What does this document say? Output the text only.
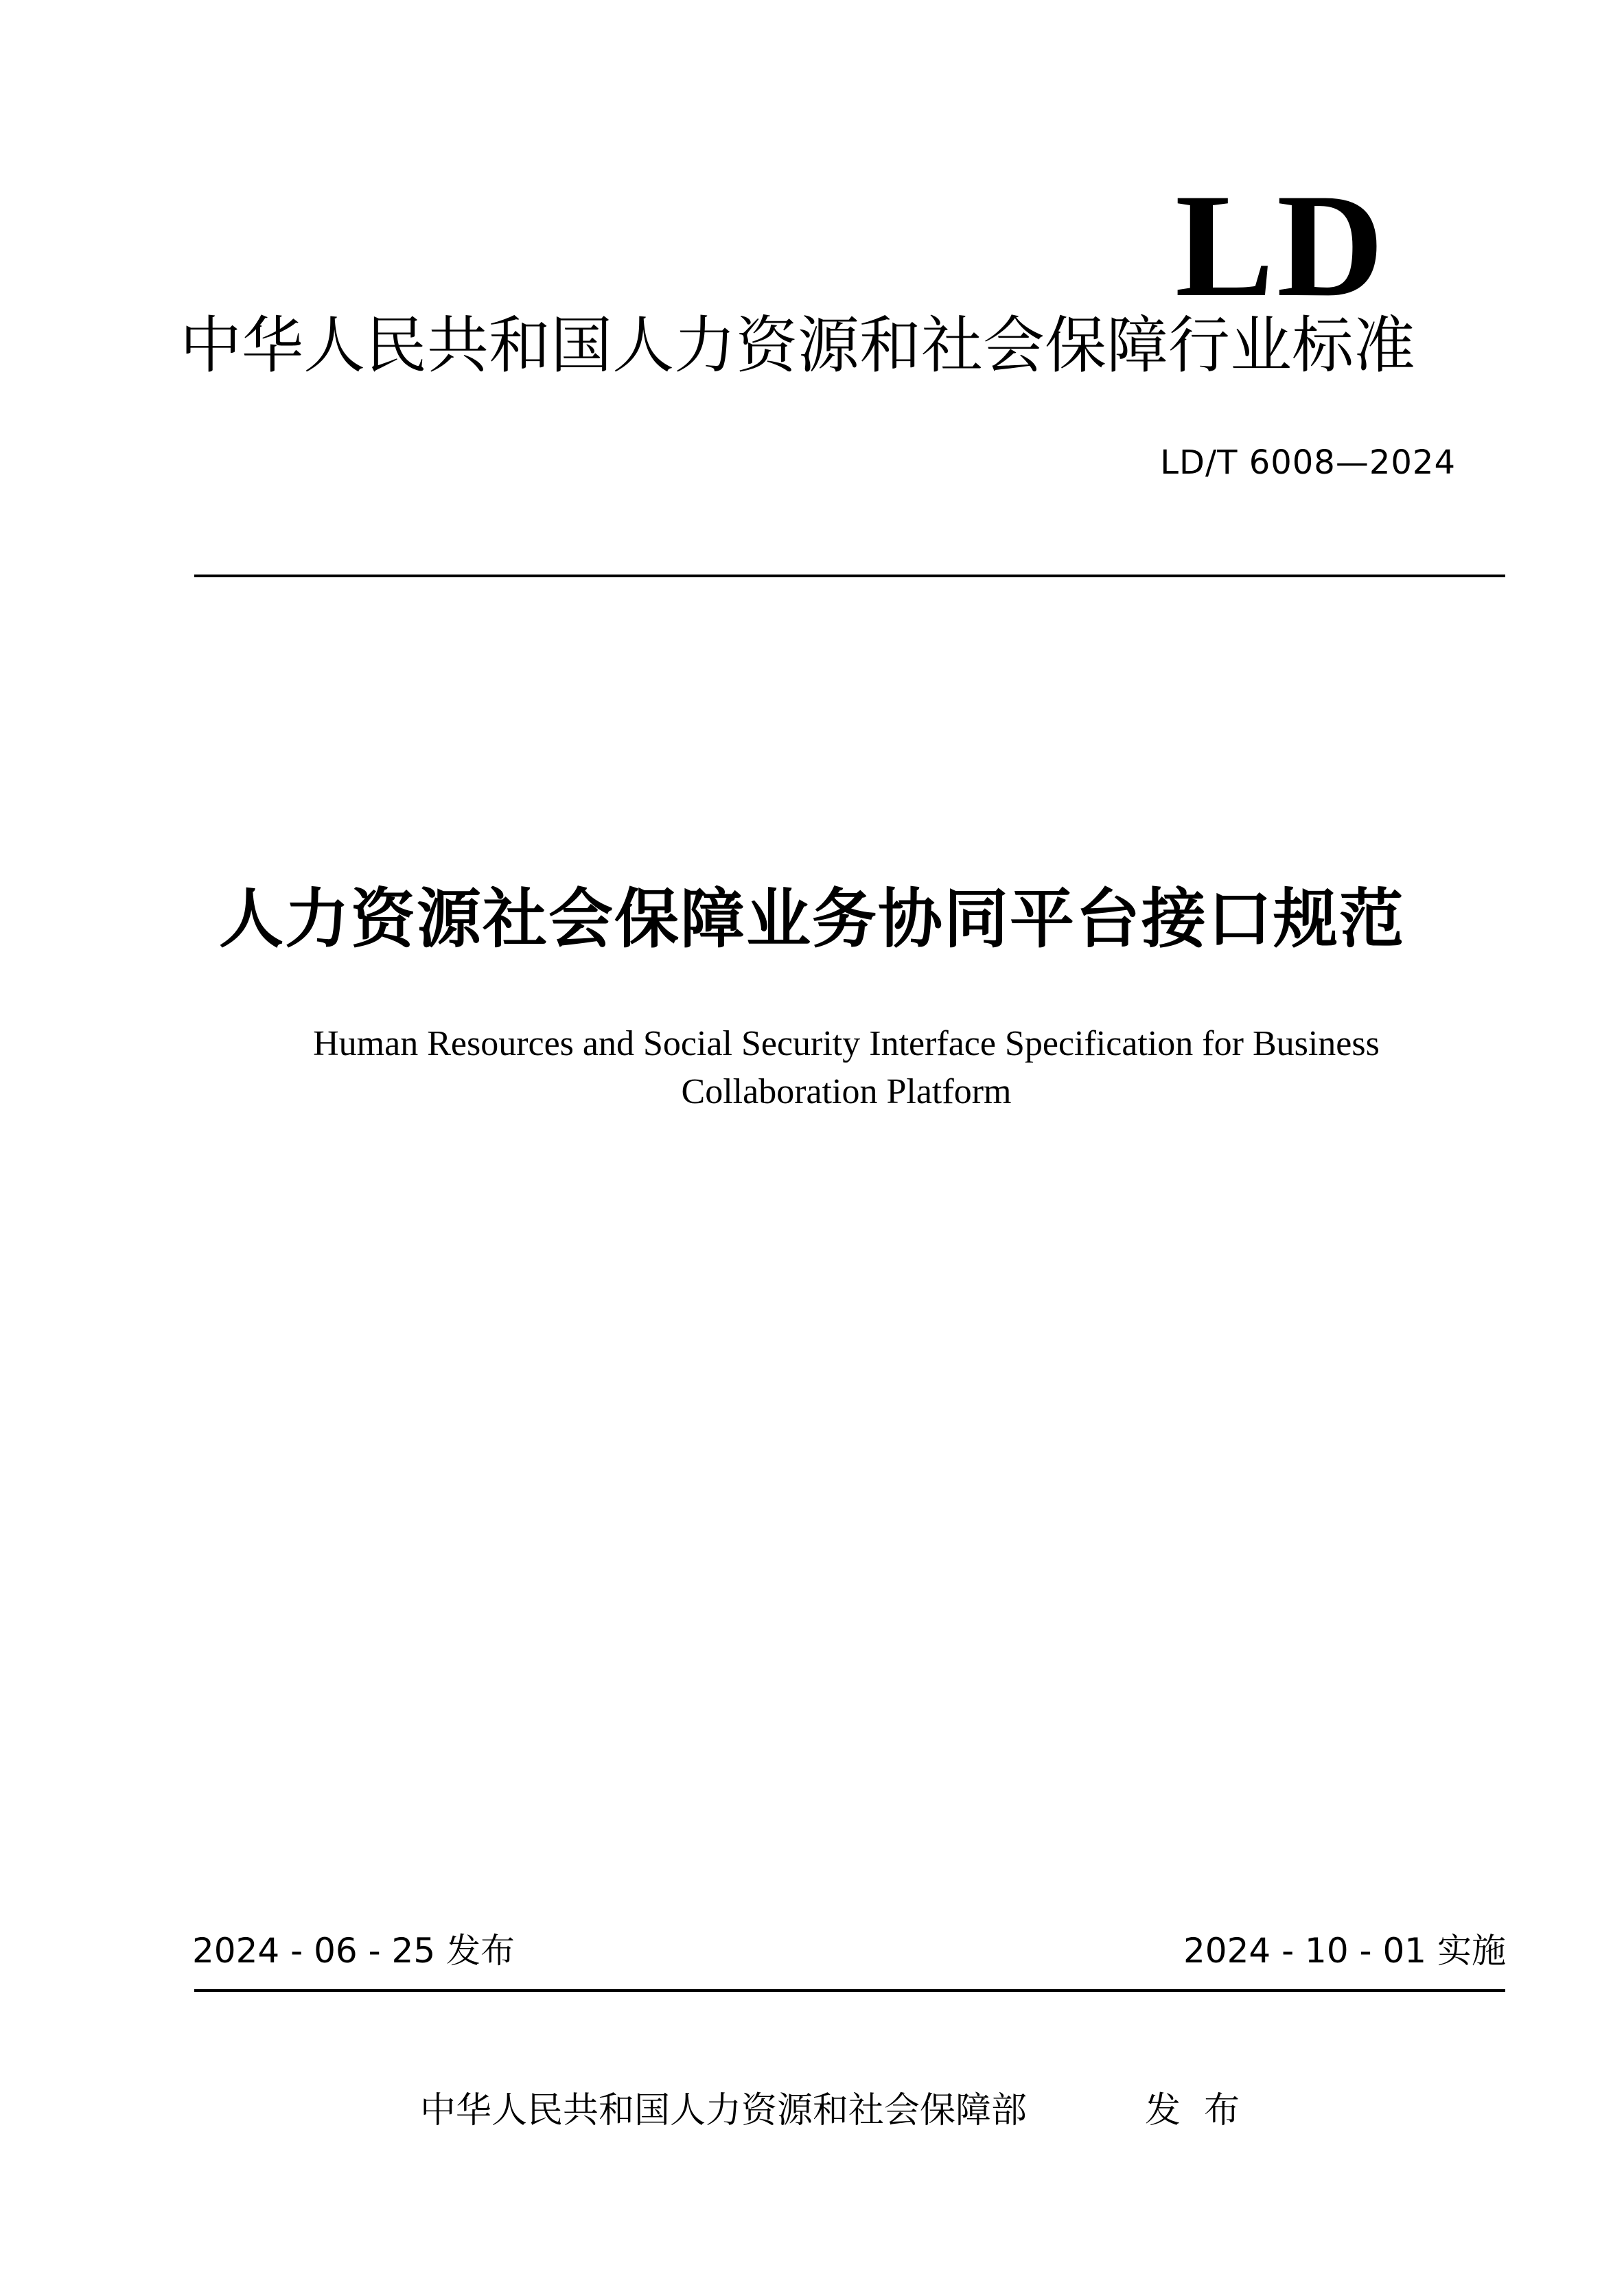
LD
中华人民共和国人力资源和社会保障行业标准
LD/T 6008—2024
人力资源社会保障业务协同平台接口规范
Human Resources and Social Security Interface Specification for Business
Collaboration Platform
2024 - 06 - 25 发布	2024 - 10 - 01 实施
中华人民共和国人力资源和社会保障部	发布
